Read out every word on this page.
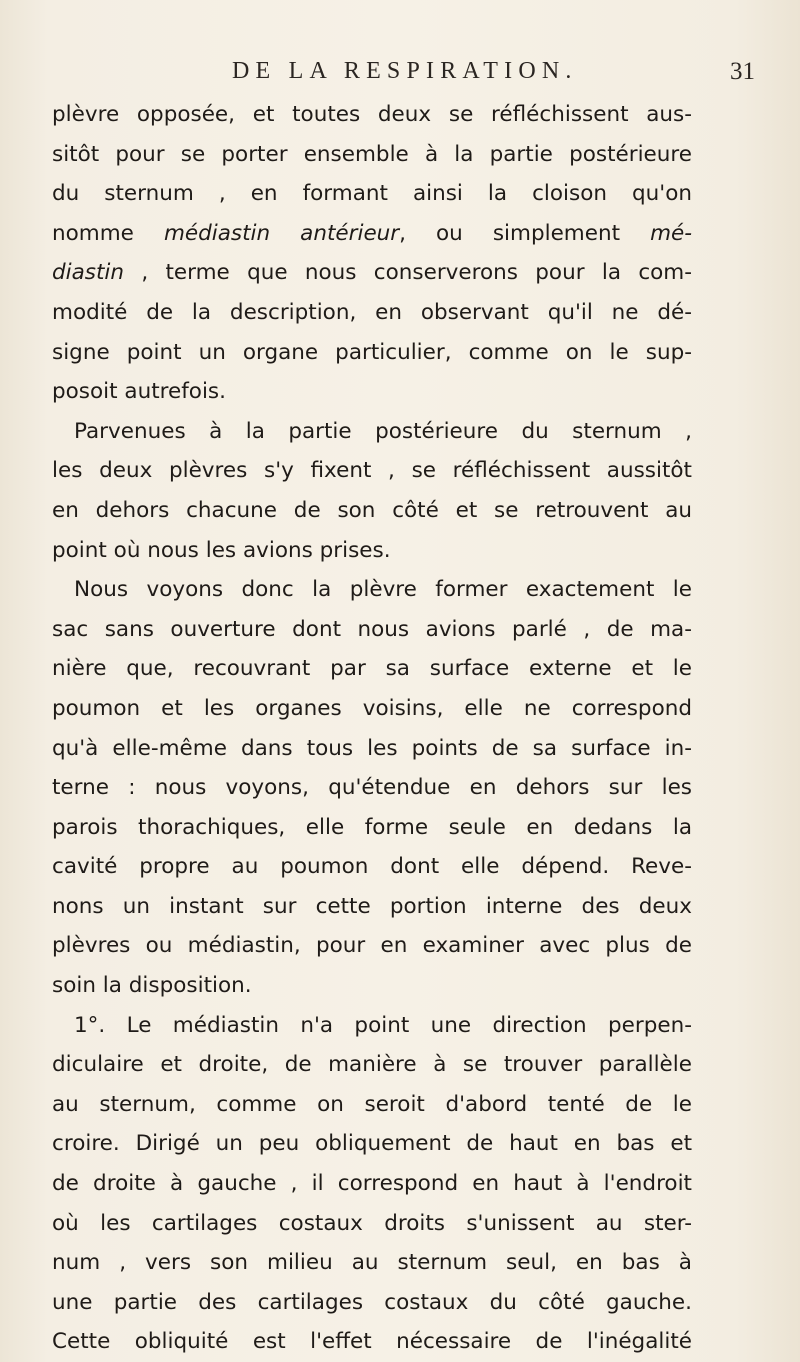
DE LA RESPIRATION.	31
plèvre opposée, et toutes deux se réfléchissent aus-
sitôt pour se porter ensemble à la partie postérieure
du sternum , en formant ainsi la cloison qu'on
nomme médiastin antérieur, ou simplement mé-
diastin , terme que nous conserverons pour la com-
modité de la description, en observant qu'il ne dé-
signe point un organe particulier, comme on le sup-
posoit autrefois.
Parvenues à la partie postérieure du sternum ,
les deux plèvres s'y fixent , se réfléchissent aussitôt
en dehors chacune de son côté et se retrouvent au
point où nous les avions prises.
Nous voyons donc la plèvre former exactement le
sac sans ouverture dont nous avions parlé , de ma-
nière que, recouvrant par sa surface externe et le
poumon et les organes voisins, elle ne correspond
qu'à elle-même dans tous les points de sa surface in-
terne : nous voyons, qu'étendue en dehors sur les
parois thorachiques, elle forme seule en dedans la
cavité propre au poumon dont elle dépend. Reve-
nons un instant sur cette portion interne des deux
plèvres ou médiastin, pour en examiner avec plus de
soin la disposition.
1°. Le médiastin n'a point une direction perpen-
diculaire et droite, de manière à se trouver parallèle
au sternum, comme on seroit d'abord tenté de le
croire. Dirigé un peu obliquement de haut en bas et
de droite à gauche , il correspond en haut à l'endroit
où les cartilages costaux droits s'unissent au ster-
num , vers son milieu au sternum seul, en bas à
une partie des cartilages costaux du côté gauche.
Cette obliquité est l'effet nécessaire de l'inégalité
